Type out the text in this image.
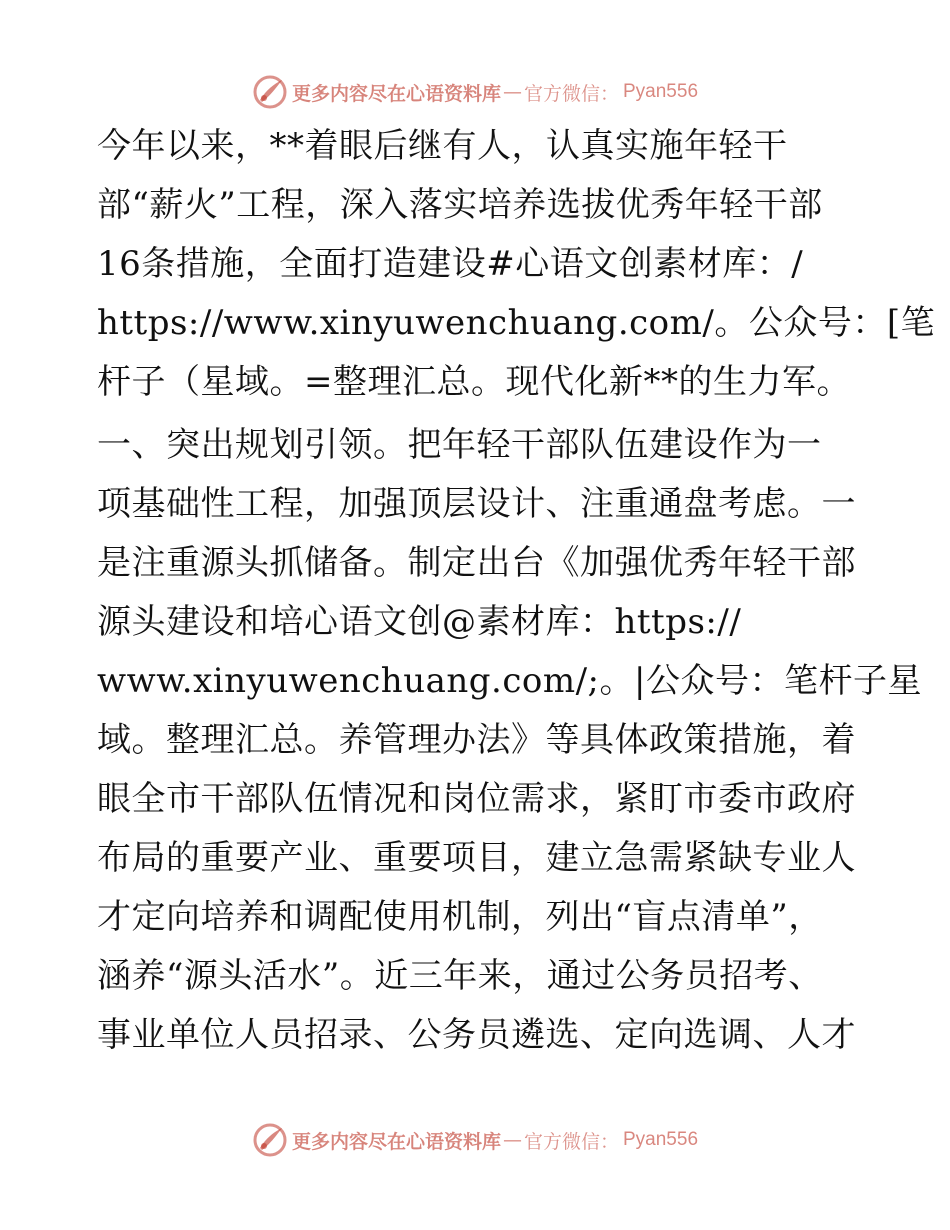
更多内容尽在心语资料库 — 官方微信： Pyan556
今年以来，**着眼后继有人，认真实施年轻干
部“薪火”工程，深入落实培养选拔优秀年轻干部
16条措施，全面打造建设#心语文创素材库：/
https://www.xinyuwenchuang.com/。公众号：[笔
杆子（星域。=整理汇总。现代化新**的生力军。
一、突出规划引领。把年轻干部队伍建设作为一
项基础性工程，加强顶层设计、注重通盘考虑。一
是注重源头抓储备。制定出台《加强优秀年轻干部
源头建设和培心语文创@素材库：https://
www.xinyuwenchuang.com/;。|公众号：笔杆子星
域。整理汇总。养管理办法》等具体政策措施，着
眼全市干部队伍情况和岗位需求，紧盯市委市政府
布局的重要产业、重要项目，建立急需紧缺专业人
才定向培养和调配使用机制，列出“盲点清单”，
涵养“源头活水”。近三年来，通过公务员招考、
事业单位人员招录、公务员遴选、定向选调、人才
更多内容尽在心语资料库 — 官方微信： Pyan556
